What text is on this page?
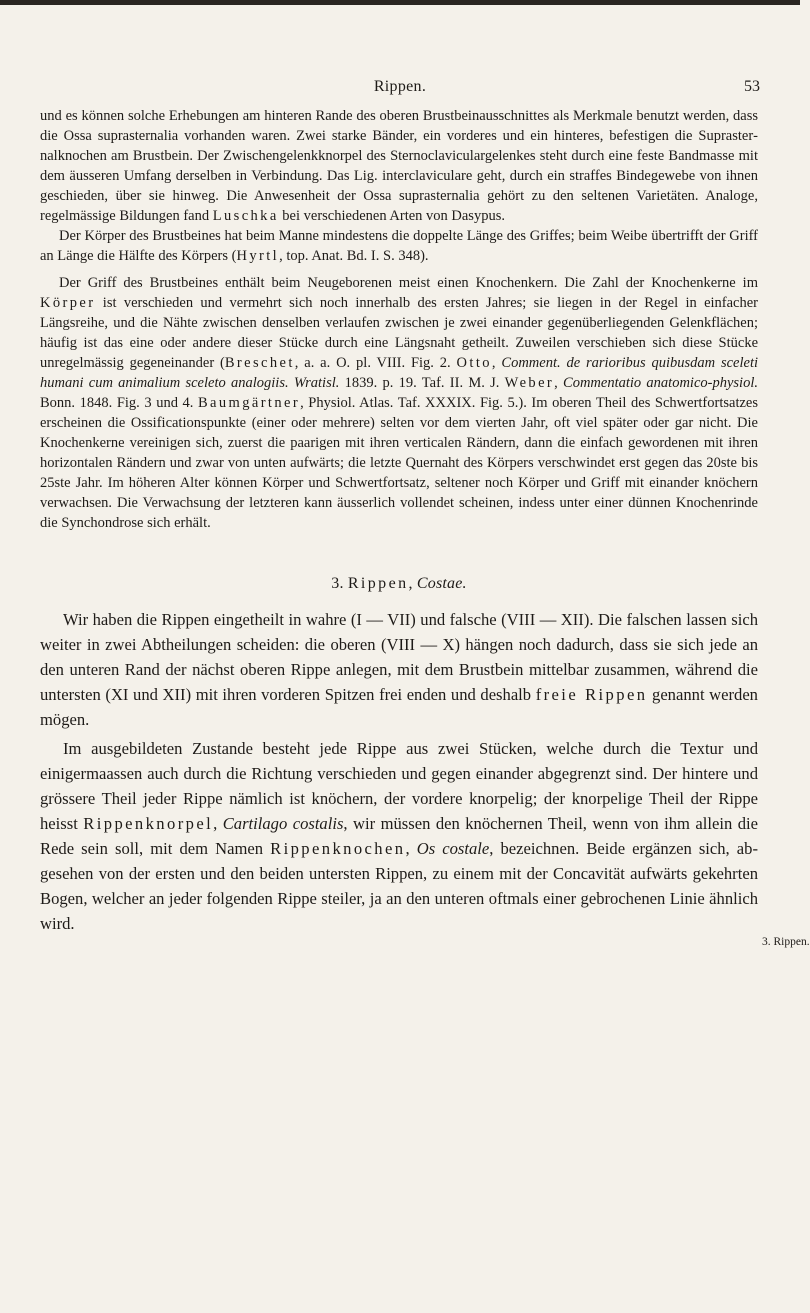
Rippen.	53

und es können solche Erhebungen am hinteren Rande des oberen Brustbeinausschnittes als Merkmale benutzt werden, dass die Ossa suprasternalia vorhanden waren. Zwei starke Bänder, ein vorderes und ein hinteres, befestigen die Suprasternalknochen am Brustbein. Der Zwischengelenkknorpel des Sternoclaviculargelenkes steht durch eine feste Bandmasse mit dem äusseren Umfang derselben in Verbindung. Das Lig. interclaviculare geht, durch ein straffes Bindegewebe von ihnen geschieden, über sie hinweg. Die Anwesenheit der Ossa suprasternalia gehört zu den seltenen Varietäten. Analoge, regelmässige Bildungen fand Luschka bei verschiedenen Arten von Dasypus.

Der Körper des Brustbeines hat beim Manne mindestens die doppelte Länge des Griffes; beim Weibe übertrifft der Griff an Länge die Hälfte des Körpers (Hyrtl, top. Anat. Bd. I. S. 348).

Der Griff des Brustbeines enthält beim Neugeborenen meist einen Knochenkern. Die Zahl der Knochenkerne im Körper ist verschieden und vermehrt sich noch innerhalb des ersten Jahres; sie liegen in der Regel in einfacher Längsreihe, und die Nähte zwischen denselben verlaufen zwischen je zwei einander gegenüberliegenden Gelenkflächen; häufig ist das eine oder andere dieser Stücke durch eine Längsnaht getheilt. Zuweilen verschieben sich diese Stücke unregelmässig gegeneinander (Breschet, a. a. O. pl. VIII. Fig. 2. Otto, Comment. de rarioribus quibusdam sceleti humani cum animalium sceleto analogiis. Wratisl. 1839. p. 19. Taf. II. M. J. Weber, Commentatio anatomico-physiol. Bonn. 1848. Fig. 3 und 4. Baumgärtner, Physiol. Atlas. Taf. XXXIX. Fig. 5.). Im oberen Theil des Schwertfortsatzes erscheinen die Ossificationspunkte (einer oder mehrere) selten vor dem vierten Jahr, oft viel später oder gar nicht. Die Knochenkerne vereinigen sich, zuerst die paarigen mit ihren verticalen Rändern, dann die einfach gewordenen mit ihren horizontalen Rändern und zwar von unten aufwärts; die letzte Quernaht des Körpers verschwindet erst gegen das 20ste bis 25ste Jahr. Im höheren Alter können Körper und Schwertfortsatz, seltener noch Körper und Griff mit einander knöchern verwachsen. Die Verwachsung der letzteren kann äusserlich vollendet scheinen, indess unter einer dünnen Knochenrinde die Synchondrose sich erhält.

3. Rippen, Costae.

Wir haben die Rippen eingetheilt in wahre (I — VII) und falsche (VIII — XII). Die falschen lassen sich weiter in zwei Abtheilungen scheiden: die oberen (VIII — X) hängen noch dadurch, dass sie sich jede an den unteren Rand der nächst oberen Rippe anlegen, mit dem Brustbein mittelbar zusammen, während die untersten (XI und XII) mit ihren vorderen Spitzen frei enden und deshalb freie Rippen genannt werden mögen.

Im ausgebildeten Zustande besteht jede Rippe aus zwei Stücken, welche durch die Textur und einigermaassen auch durch die Richtung verschieden und gegen einander abgegrenzt sind. Der hintere und grössere Theil jeder Rippe nämlich ist knöchern, der vordere knorpelig; der knorpelige Theil der Rippe heisst Rippenknorpel, Cartilago costalis, wir müssen den knöchernen Theil, wenn von ihm allein die Rede sein soll, mit dem Namen Rippenknochen, Os costale, bezeichnen. Beide ergänzen sich, abgesehen von der ersten und den beiden untersten Rippen, zu einem mit der Concavität aufwärts gekehrten Bogen, welcher an jeder folgenden Rippe steiler, ja an den unteren oftmals einer gebrochenen Linie ähnlich wird.

3. Rippen.
